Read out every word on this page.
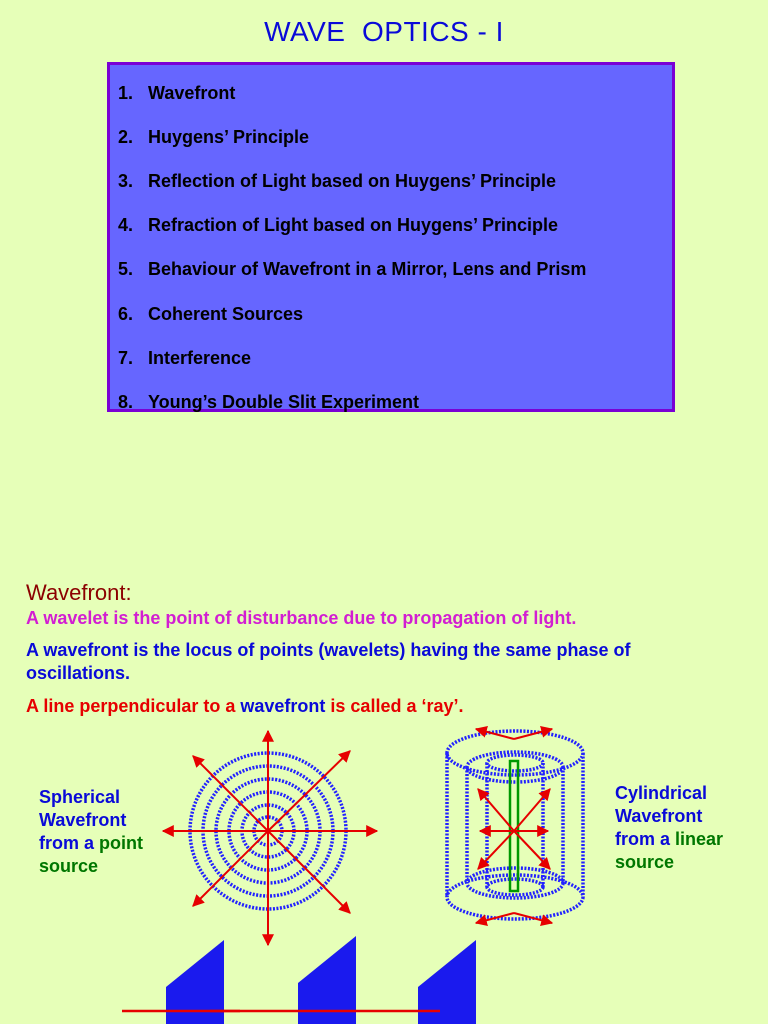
WAVE  OPTICS - I
1. Wavefront
2. Huygens’ Principle
3. Reflection of Light based on Huygens’ Principle
4. Refraction of Light based on Huygens’ Principle
5. Behaviour of Wavefront in a Mirror, Lens and Prism
6. Coherent Sources
7. Interference
8. Young’s Double Slit Experiment
Wavefront:
A wavelet is the point of disturbance due to propagation of light.
A wavefront is the locus of points (wavelets) having the same phase of oscillations.
A line perpendicular to a wavefront is called a ‘ray’.
Spherical
Wavefront
from a point
source
Cylindrical
Wavefront
from a linear
source
